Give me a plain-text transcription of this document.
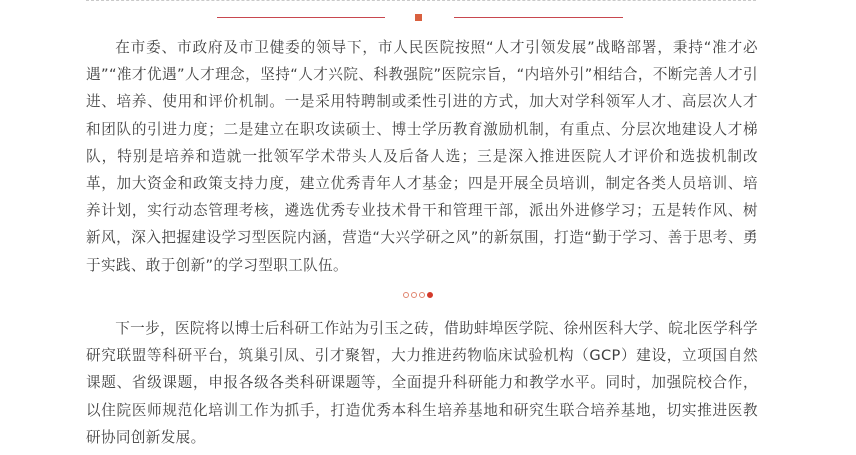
在市委、市政府及市卫健委的领导下，市人民医院按照“人才引领发展”战略部署，秉持“准才必遇”“准才优遇”人才理念，坚持“人才兴院、科教强院”医院宗旨，“内培外引”相结合，不断完善人才引进、培养、使用和评价机制。一是采用特聘制或柔性引进的方式，加大对学科领军人才、高层次人才和团队的引进力度；二是建立在职攻读硕士、博士学历教育激励机制，有重点、分层次地建设人才梯队，特别是培养和造就一批领军学术带头人及后备人选；三是深入推进医院人才评价和选拔机制改革，加大资金和政策支持力度，建立优秀青年人才基金；四是开展全员培训，制定各类人员培训、培养计划，实行动态管理考核，遴选优秀专业技术骨干和管理干部，派出外进修学习；五是转作风、树新风，深入把握建设学习型医院内涵，营造“大兴学研之风”的新氛围，打造“勤于学习、善于思考、勇于实践、敢于创新”的学习型职工队伍。

下一步，医院将以博士后科研工作站为引玉之砖，借助蚌埠医学院、徐州医科大学、皖北医学科学研究联盟等科研平台，筑巢引凤、引才聚智，大力推进药物临床试验机构（GCP）建设，立项国自然课题、省级课题，申报各级各类科研课题等，全面提升科研能力和教学水平。同时，加强院校合作，以住院医师规范化培训工作为抓手，打造优秀本科生培养基地和研究生联合培养基地，切实推进医教研协同创新发展。
